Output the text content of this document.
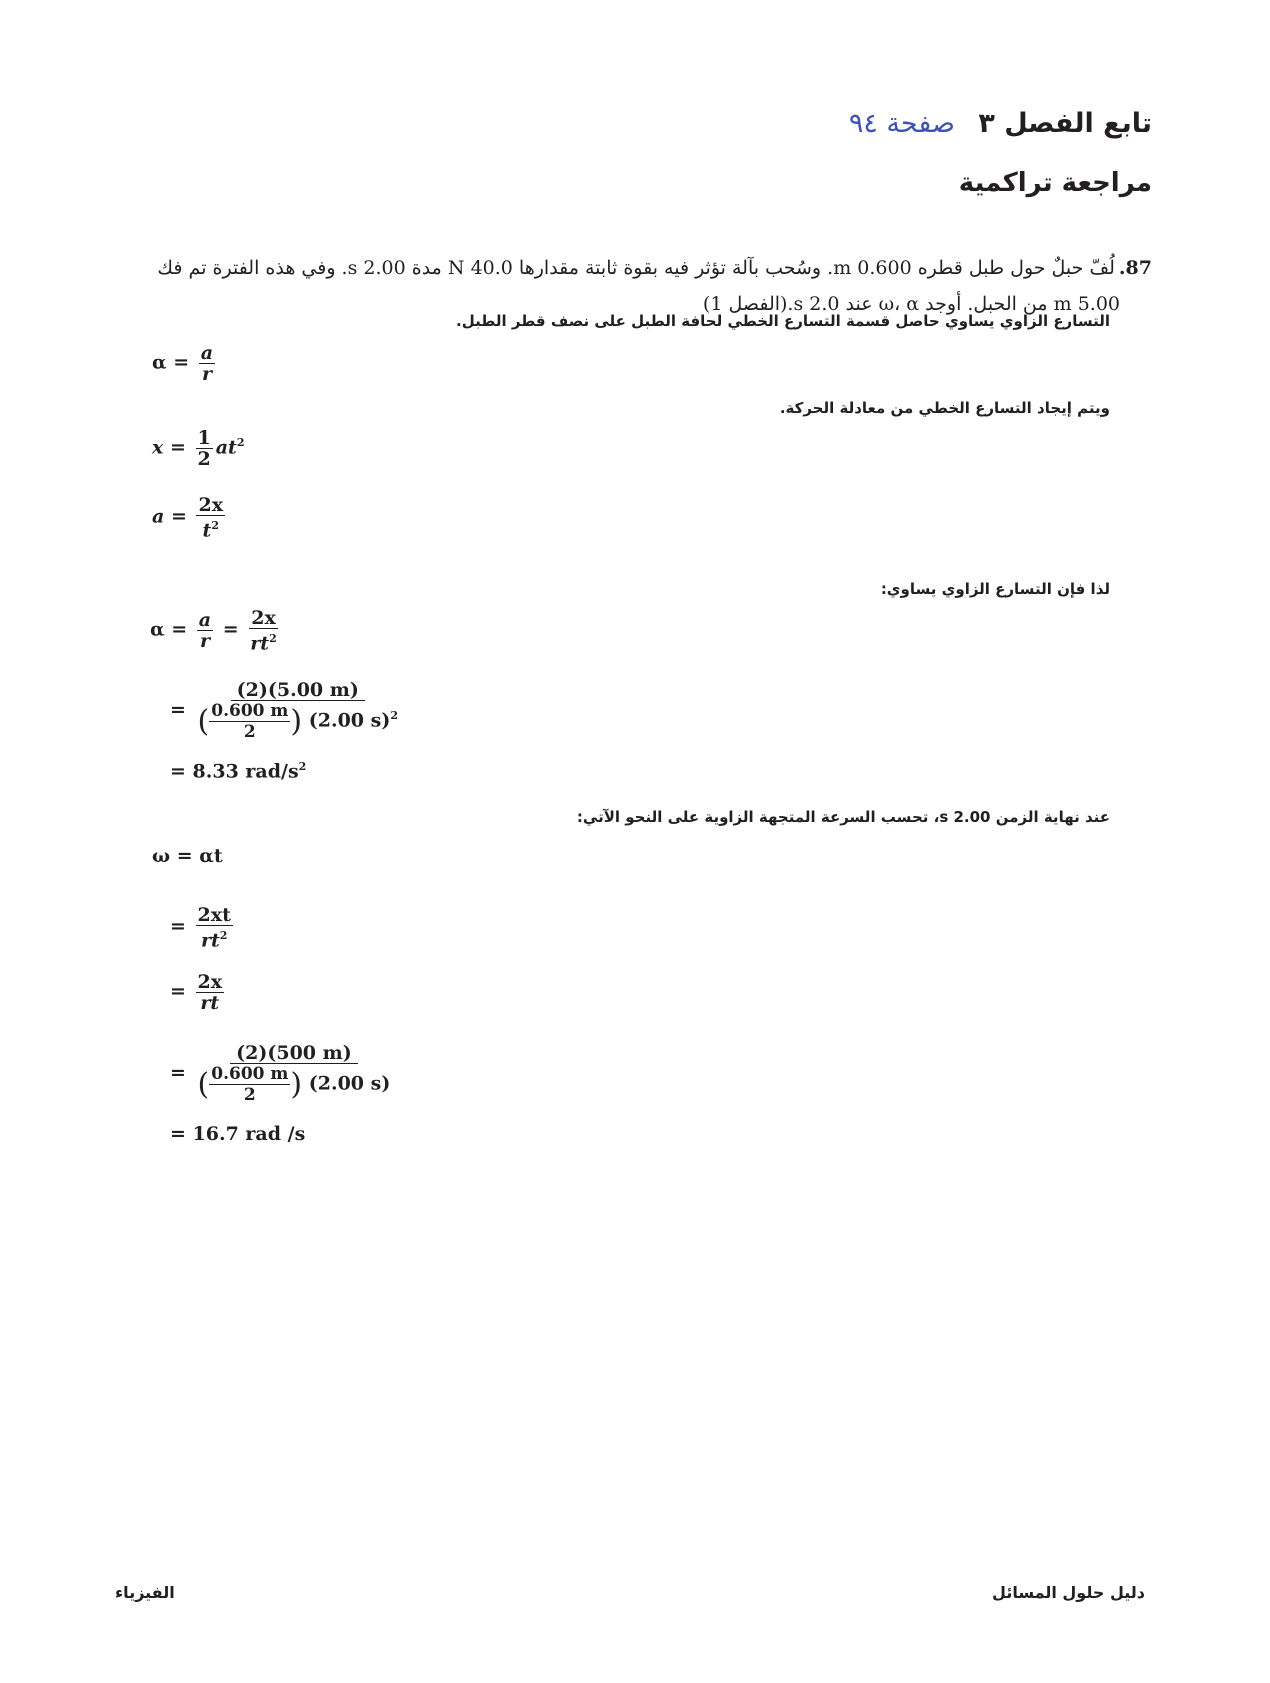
تابع الفصل ٣ صفحة ٩٤
مراجعة تراكمية
87.لُفّ حبلٌ حول طبل قطره 0.600 m. وسُحب بآلة تؤثر فيه بقوة ثابتة مقدارها 40.0 N مدة 2.00 s. وفي هذه الفترة تم فك
5.00 m من الحبل. أوجد ω، α عند 2.0 s.(الفصل 1)
التسارع الزاوي يساوي حاصل قسمة التسارع الخطي لحافة الطبل على نصف قطر الطبل.
$\alpha = \frac{a}{r}$
ويتم إيجاد التسارع الخطي من معادلة الحركة.
$x = \frac{1}{2} at^2$
$a = \frac{2x}{t^2}$
لذا فإن التسارع الزاوي يساوي:
$\alpha = \frac{a}{r} = \frac{2x}{rt^2}$
= $\frac{(2)(5.00 m)}{( \frac{0.600 m}{2} ) (2.00 s)^2}$
= 8.33 rad/$s^2$
عند نهاية الزمن 2.00 s، تحسب السرعة المتجهة الزاوية على النحو الآتي:
ω = αt
= $\frac{2xt}{rt^2}$
= $\frac{2x}{rt}$
= $\frac{(2)(500 m)}{( \frac{0.600 m}{2} ) (2.00 s)}$
= 16.7 rad /s
الفيزياء	دليل حلول المسائل
